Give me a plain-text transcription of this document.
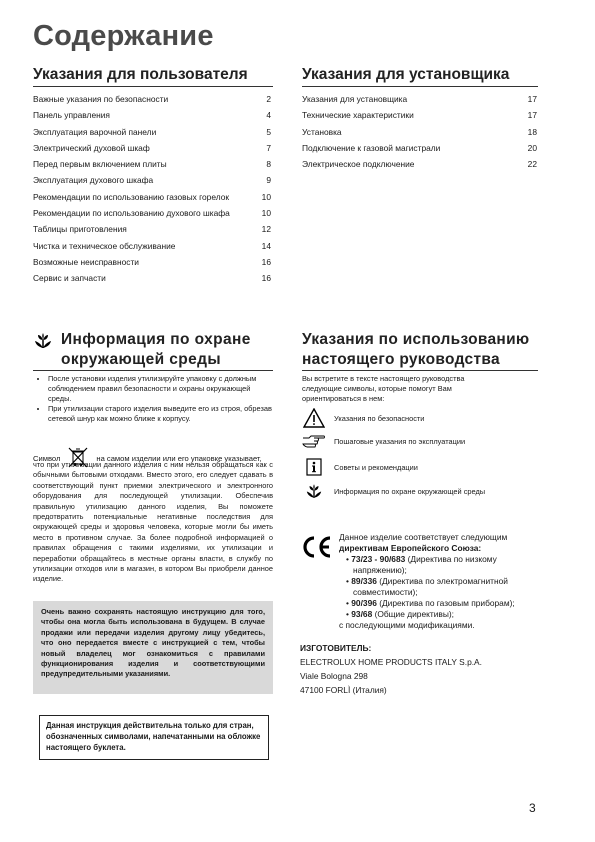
Содержание
Указания для пользователя
Важные указания по безопасности	2
Панель управления	4
Эксплуатация варочной панели	5
Электрический духовой шкаф	7
Перед первым включением плиты	8
Эксплуатация духового шкафа	9
Рекомендации по использованию газовых горелок	10
Рекомендации по использованию духового шкафа	10
Таблицы приготовления	12
Чистка и техническое обслуживание	14
Возможные неисправности	16
Сервис и запчасти	16
Указания для установщика
Указания для установщика	17
Технические характеристики	17
Установка	18
Подключение к газовой магистрали	20
Электрическое подключение	22
Информация по охране
окружающей среды
• После установки изделия утилизируйте упаковку с должным соблюдением правил безопасности и охраны окружающей среды.
• При утилизации старого изделия выведите его из строя, обрезав сетевой шнур как можно ближе к корпусу.
Символ	на самом изделии или его упаковке указывает,
что при утилизации данного изделия с ним нельзя обращаться как с обычными бытовыми отходами. Вместо этого, его следует сдавать в соответствующий пункт приемки электрического и электронного оборудования для последующей утилизации. Обеспечив правильную утилизацию данного изделия, Вы поможете предотвратить потенциальные негативные последствия для окружающей среды и здоровья человека, которые могли бы иметь место в противном случае. За более подробной информацией о правилах обращения с такими изделиями, их утилизации и переработки обращайтесь в местные органы власти, в службу по утилизации отходов или в магазин, в котором Вы приобрели данное изделие.
Очень важно сохранять настоящую инструкцию для того, чтобы она могла быть использована в будущем. В случае продажи или передачи изделия другому лицу убедитесь, что оно передается вместе с инструкцией с тем, чтобы новый владелец мог ознакомиться с правилами функционирования изделия и соответствующими предупредительными указаниями.
Данная инструкция действительна только для стран, обозначенных символами, напечатанными на обложке настоящего буклета.
Указания по использованию
настоящего руководства
Вы встретите в тексте настоящего руководства следующие символы, которые помогут Вам ориентироваться в нем:
Указания по безопасности
Пошаговые указания по эксплуатации
Советы и рекомендации
Информация по охране окружающей среды
Данное изделие соответствует следующим
директивам Европейского Союза:
• 73/23 - 90/683 (Директива по низкому напряжению);
• 89/336 (Директива по электромагнитной совместимости);
• 90/396 (Директива по газовым приборам);
• 93/68 (Общие директивы);
с последующими модификациями.
ИЗГОТОВИТЕЛЬ:
ELECTROLUX HOME PRODUCTS ITALY S.p.A.
Viale Bologna 298
47100 FORLÌ (Италия)
3
